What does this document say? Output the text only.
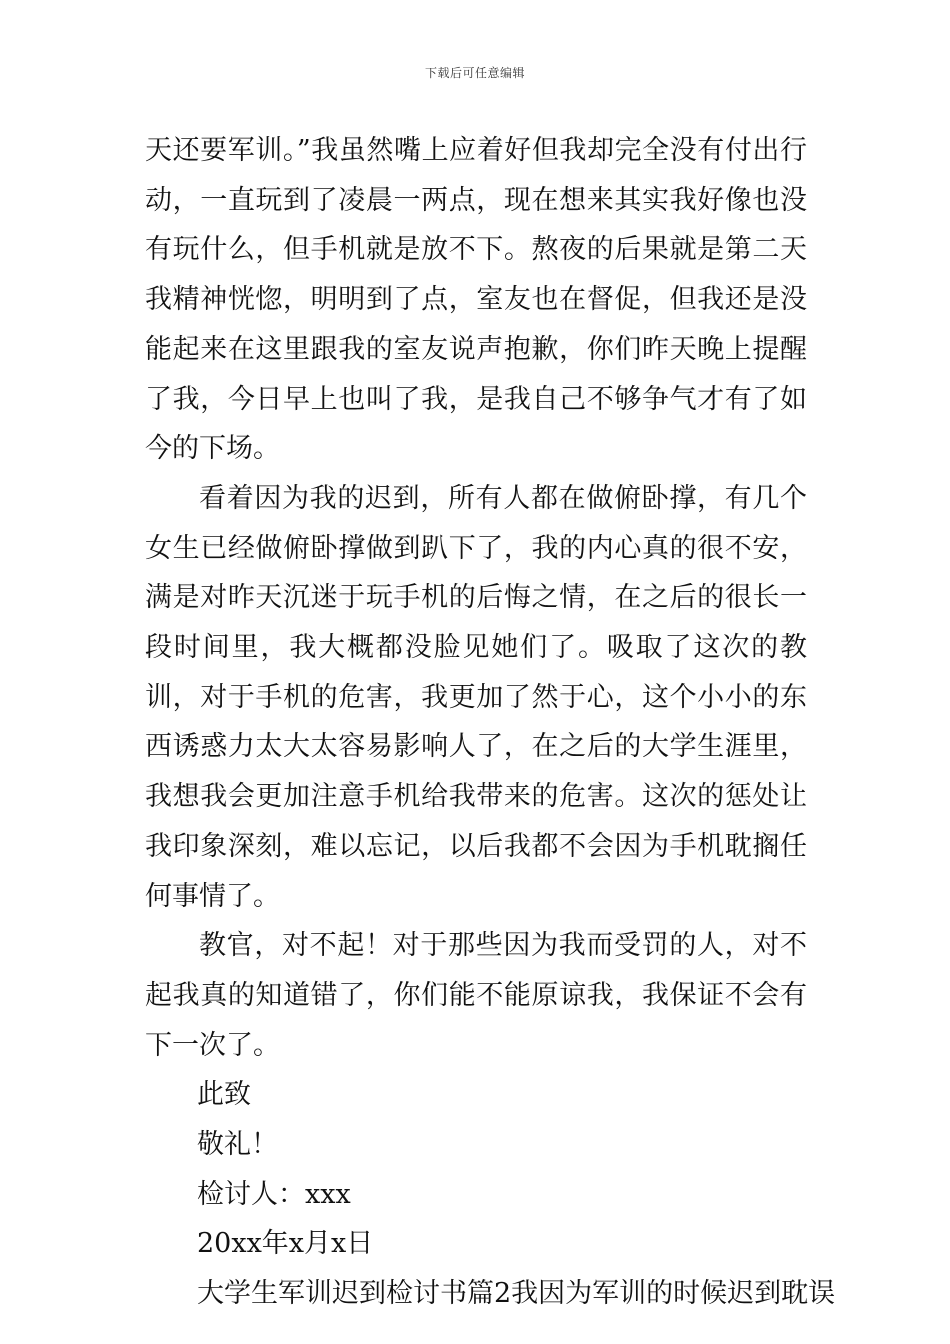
下载后可任意编辑

天还要军训。”我虽然嘴上应着好但我却完全没有付出行动，一直玩到了凌晨一两点，现在想来其实我好像也没有玩什么，但手机就是放不下。熬夜的后果就是第二天我精神恍惚，明明到了点，室友也在督促，但我还是没能起来在这里跟我的室友说声抱歉，你们昨天晚上提醒了我，今日早上也叫了我，是我自己不够争气才有了如今的下场。

看着因为我的迟到，所有人都在做俯卧撑，有几个女生已经做俯卧撑做到趴下了，我的内心真的很不安，满是对昨天沉迷于玩手机的后悔之情，在之后的很长一段时间里，我大概都没脸见她们了。吸取了这次的教训，对于手机的危害，我更加了然于心，这个小小的东西诱惑力太大太容易影响人了，在之后的大学生涯里，我想我会更加注意手机给我带来的危害。这次的惩处让我印象深刻，难以忘记，以后我都不会因为手机耽搁任何事情了。

教官，对不起！对于那些因为我而受罚的人，对不起我真的知道错了，你们能不能原谅我，我保证不会有下一次了。

此致

敬礼！

检讨人：xxx

20xx年x月x日

大学生军训迟到检讨书篇2我因为军训的时候迟到耽误
